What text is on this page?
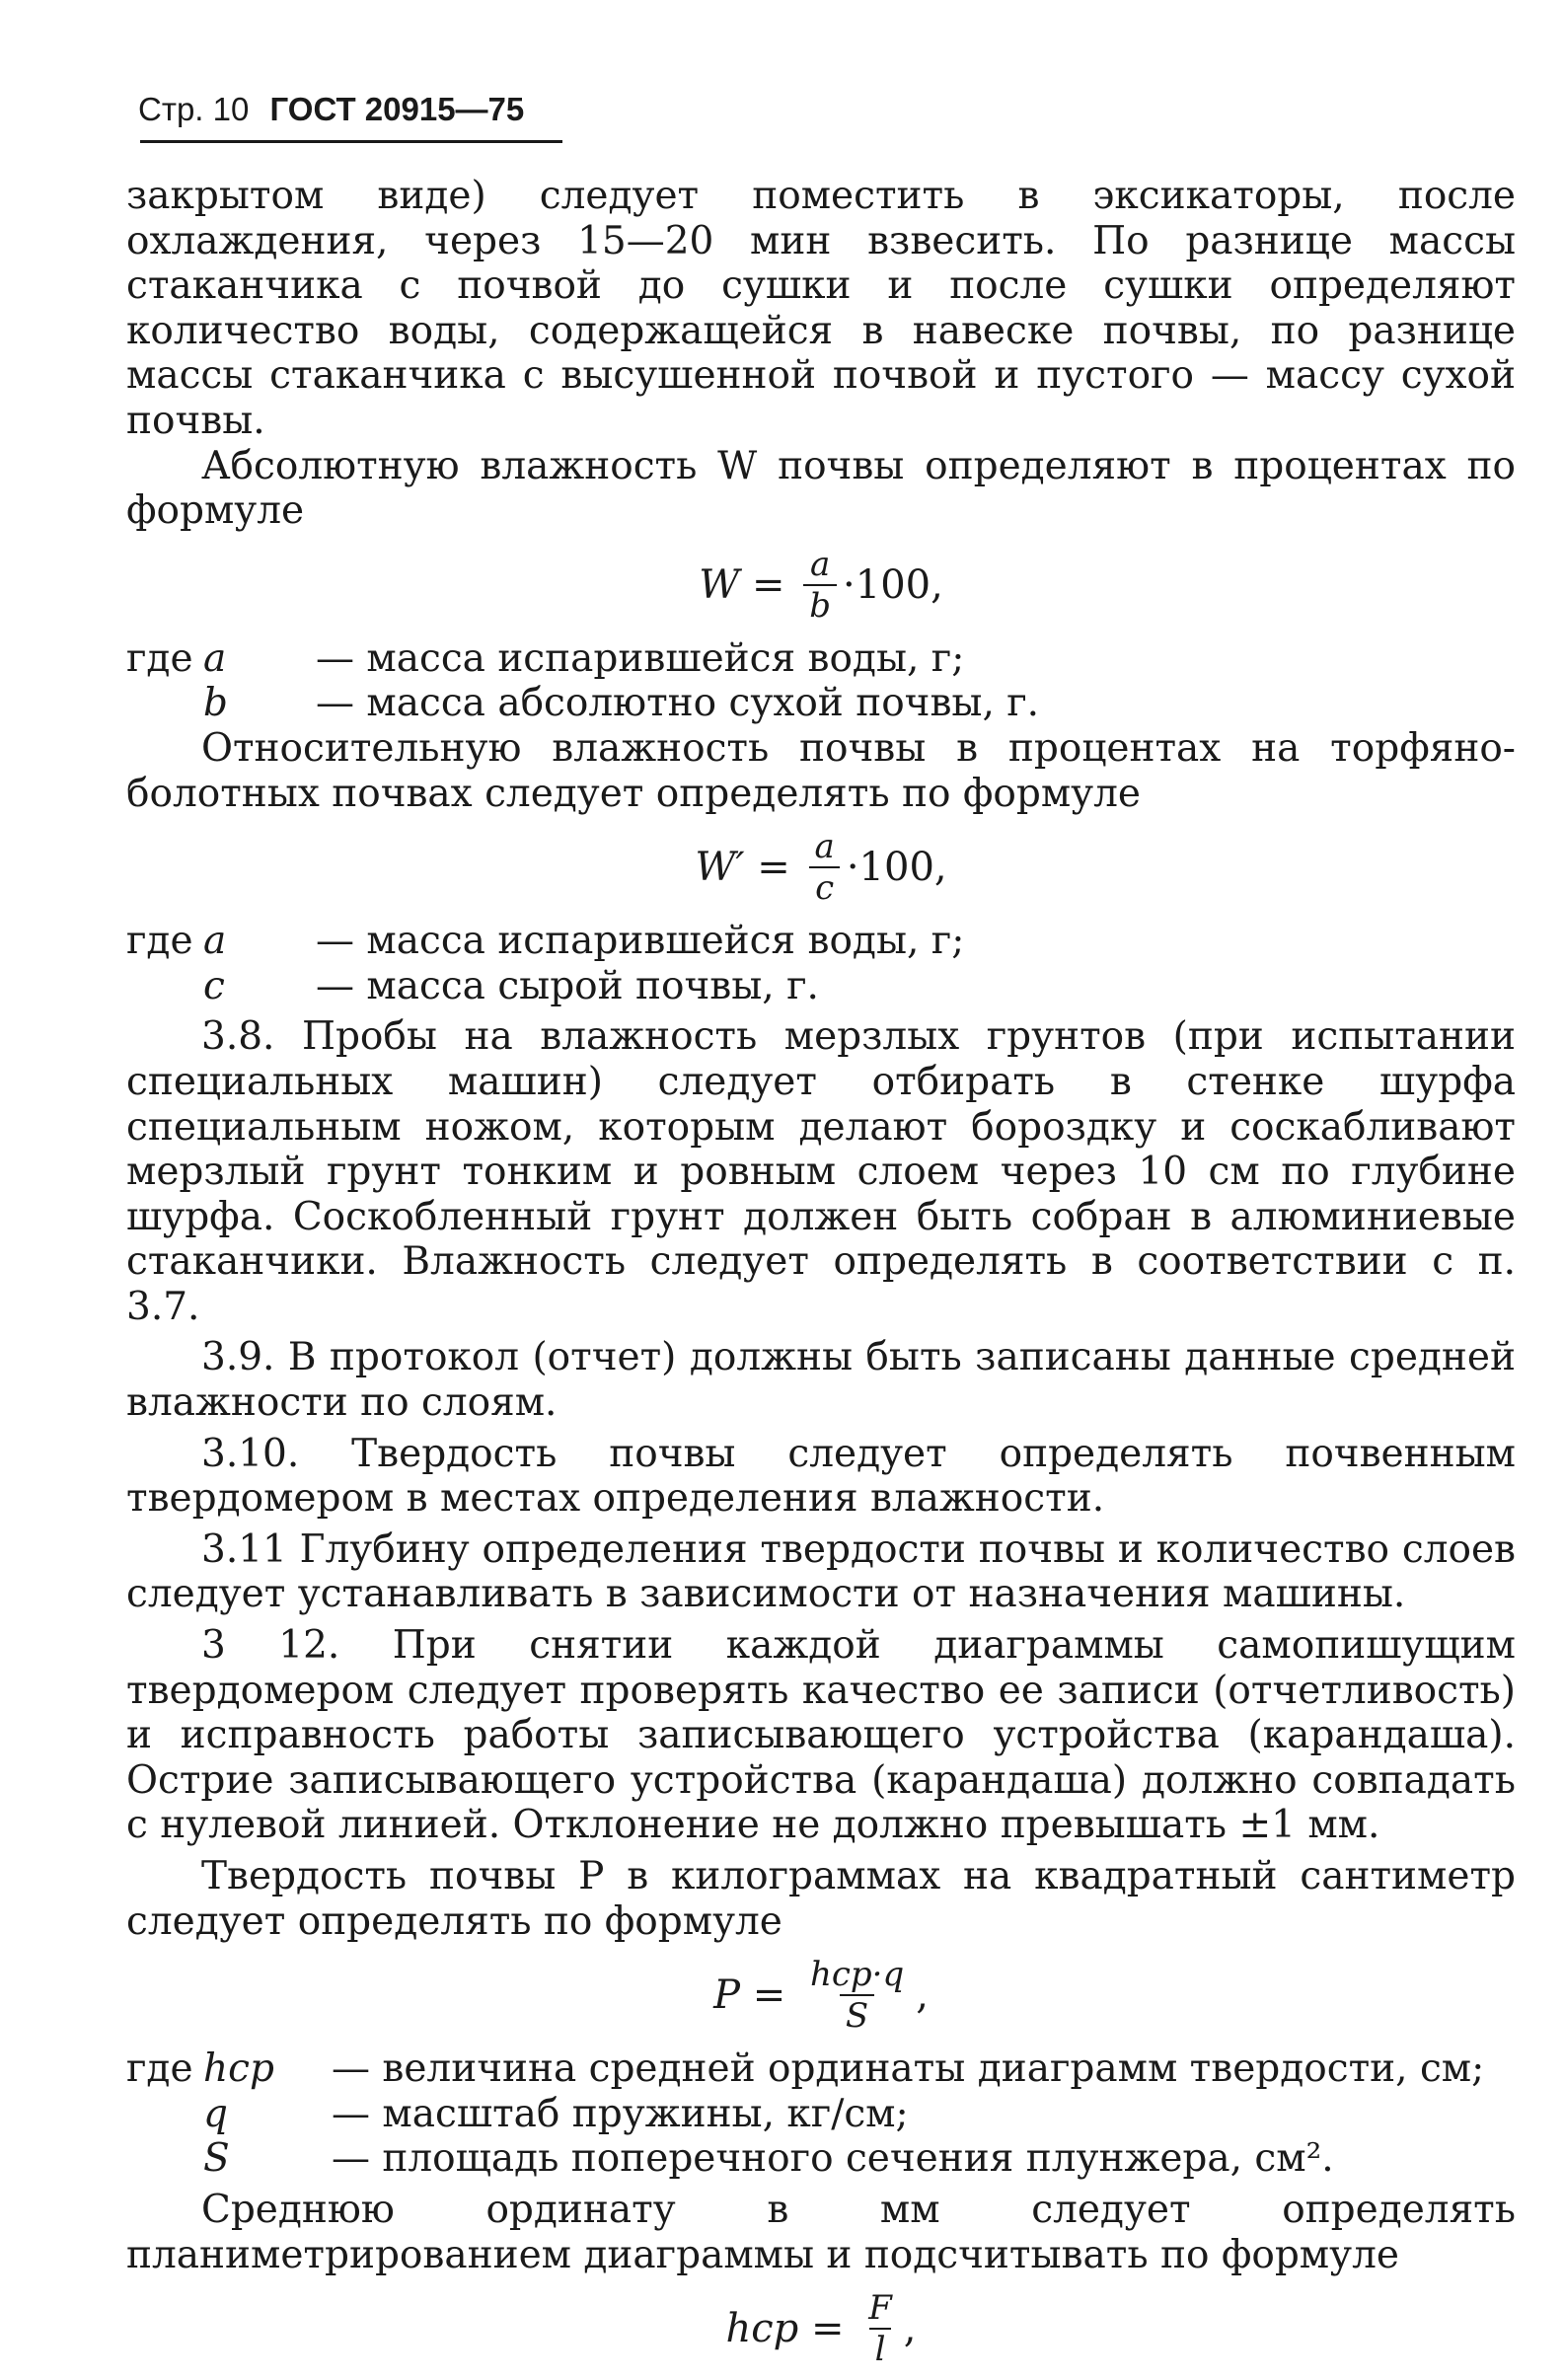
Стр. 10 ГОСТ 20915—75

закрытом виде) следует поместить в эксикаторы, после охлаждения, через 15—20 мин взвесить. По разнице массы стаканчика с почвой до сушки и после сушки определяют количество воды, содержащейся в навеске почвы, по разнице массы стаканчика с высушенной почвой и пустого — массу сухой почвы.

Абсолютную влажность W почвы определяют в процентах по формуле

$W = \frac{a}{b} \cdot 100$,
где a	— масса испарившейся воды, г;
b	— масса абсолютно сухой почвы, г.

Относительную влажность почвы в процентах на торфяно-болотных почвах следует определять по формуле

$W' = \frac{a}{c} \cdot 100$,
где a	— масса испарившейся воды, г;
c	— масса сырой почвы, г.

3.8. Пробы на влажность мерзлых грунтов (при испытании специальных машин) следует отбирать в стенке шурфа специальным ножом, которым делают бороздку и соскабливают мерзлый грунт тонким и ровным слоем через 10 см по глубине шурфа. Соскобленный грунт должен быть собран в алюминиевые стаканчики. Влажность следует определять в соответствии с п. 3.7.

3.9. В протокол (отчет) должны быть записаны данные средней влажности по слоям.

3.10. Твердость почвы следует определять почвенным твердомером в местах определения влажности.

3.11 Глубину определения твердости почвы и количество слоев следует устанавливать в зависимости от назначения машины.

3 12. При снятии каждой диаграммы самопишущим твердомером следует проверять качество ее записи (отчетливость) и исправность работы записывающего устройства (карандаша). Острие записывающего устройства (карандаша) должно совпадать с нулевой линией. Отклонение не должно превышать ±1 мм.

Твердость почвы P в килограммах на квадратный сантиметр следует определять по формуле

$P = \frac{\text{hср·q}}{S}$ ,
где hср	— величина средней ординаты диаграмм твердости, см;
q	— масштаб пружины, кг/см;
S	— площадь поперечного сечения плунжера, см².

Среднюю ординату в мм следует определять планиметрированием диаграммы и подсчитывать по формуле

hср = $\frac{F}{l}$ ,
